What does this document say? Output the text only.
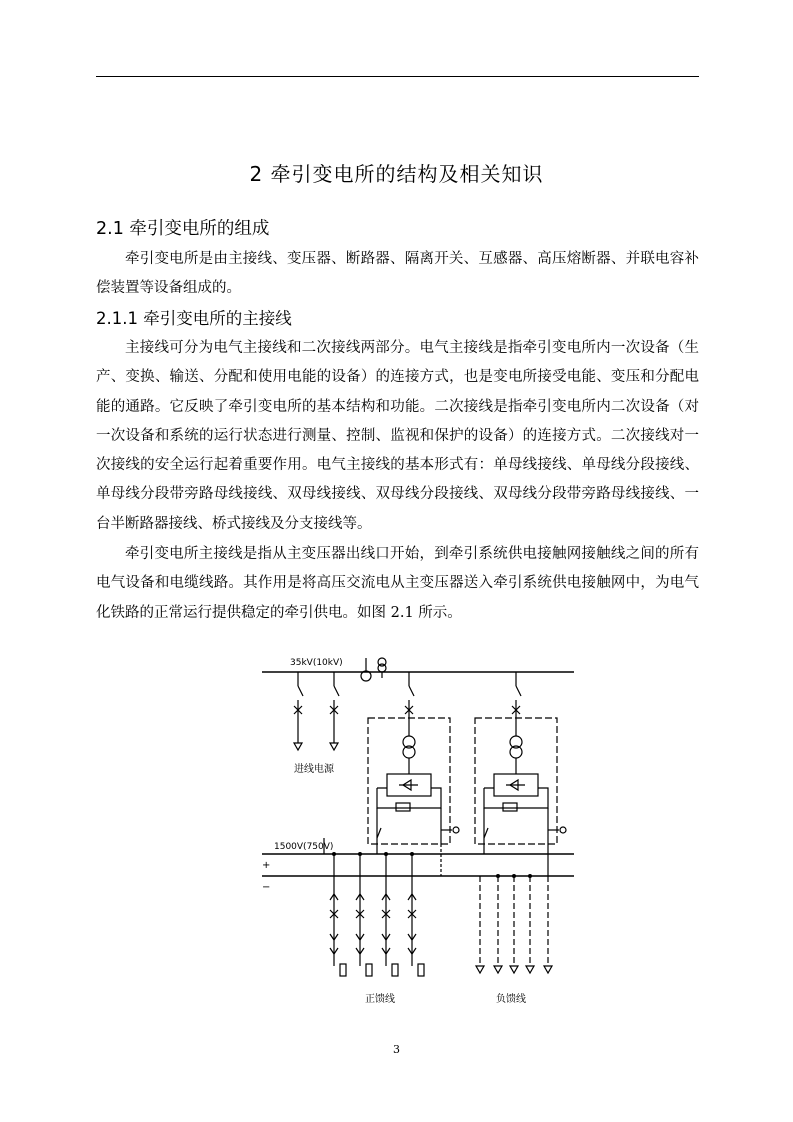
2 牵引变电所的结构及相关知识
2.1 牵引变电所的组成

牵引变电所是由主接线、变压器、断路器、隔离开关、互感器、高压熔断器、并联电容补偿装置等设备组成的。

2.1.1 牵引变电所的主接线

主接线可分为电气主接线和二次接线两部分。电气主接线是指牵引变电所内一次设备（生产、变换、输送、分配和使用电能的设备）的连接方式，也是变电所接受电能、变压和分配电能的通路。它反映了牵引变电所的基本结构和功能。二次接线是指牵引变电所内二次设备（对一次设备和系统的运行状态进行测量、控制、监视和保护的设备）的连接方式。二次接线对一次接线的安全运行起着重要作用。电气主接线的基本形式有：单母线接线、单母线分段接线、单母线分段带旁路母线接线、双母线接线、双母线分段接线、双母线分段带旁路母线接线、一台半断路器接线、桥式接线及分支接线等。

牵引变电所主接线是指从主变压器出线口开始，到牵引系统供电接触网接触线之间的所有电气设备和电缆线路。其作用是将高压交流电从主变压器送入牵引系统供电接触网中，为电气化铁路的正常运行提供稳定的牵引供电。如图 2.1 所示。

35kV(10kV)
1500V(750V)
+
−
进线电源
正馈线	负馈线
3
